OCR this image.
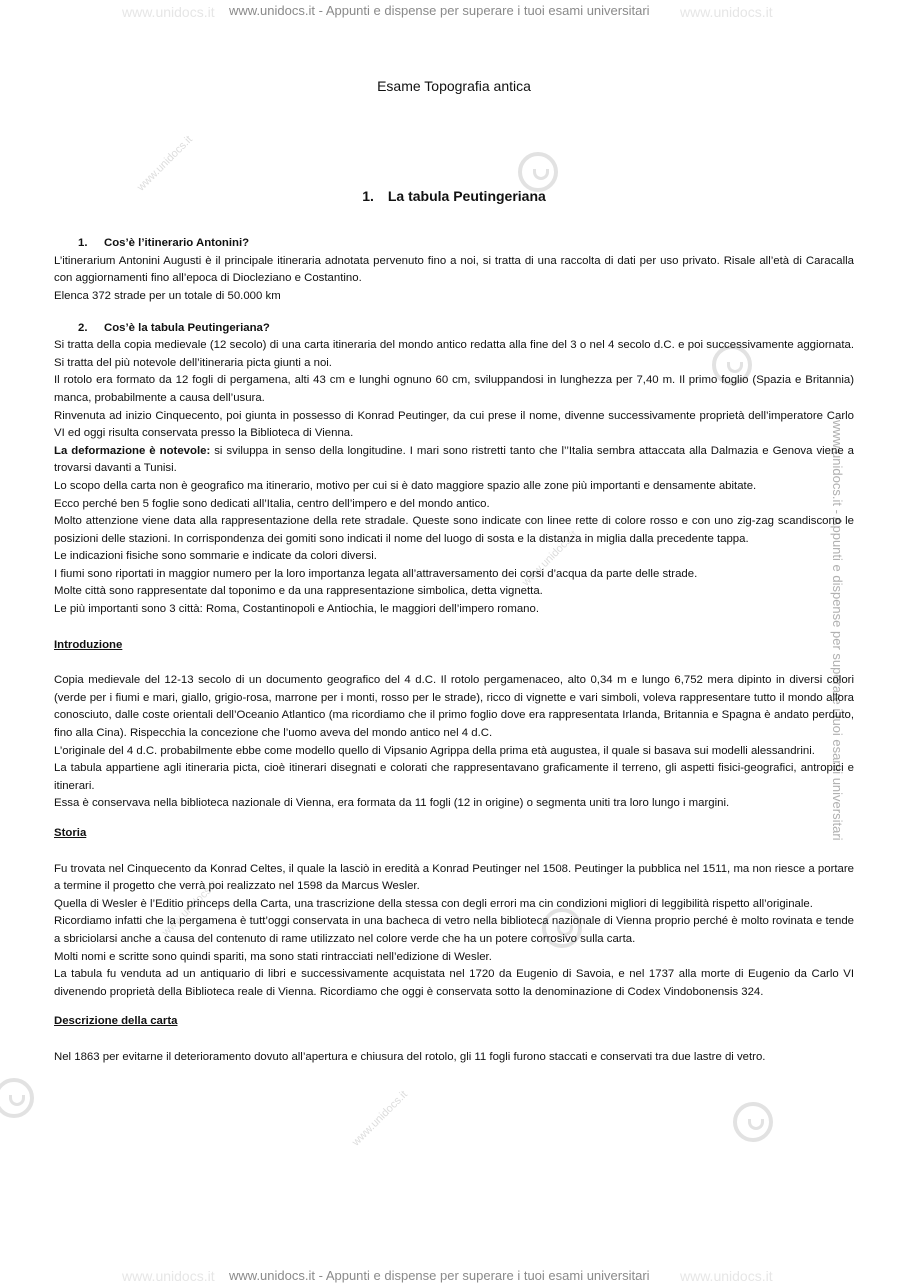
www.unidocs.it - Appunti e dispense per superare i tuoi esami universitari
www.unidocs.it - Appunti e dispense per superare i tuoi esami universitari
www.unidocs.it	www.unidocs.it
www.unidocs.it	www.unidocs.it
www.unidocs.it - Appunti e dispense per superare i tuoi esami universitari
www.unidocs.it
www.unidocs.it
www.unidocs.it
www.unidocs.it
Esame Topografia antica
1. La tabula Peutingeriana
1. Cos’è l’itinerario Antonini?

L’itinerarium Antonini Augusti è il principale itineraria adnotata pervenuto fino a noi, si tratta di una raccolta di dati per uso privato. Risale all’età di Caracalla con aggiornamenti fino all’epoca di Diocleziano e Costantino.

Elenca 372 strade per un totale di 50.000 km

2. Cos’è la tabula Peutingeriana?

Si tratta della copia medievale (12 secolo) di una carta itineraria del mondo antico redatta alla fine del 3 o nel 4 secolo d.C. e poi successivamente aggiornata. Si tratta del più notevole dell’itineraria picta giunti a noi.

Il rotolo era formato da 12 fogli di pergamena, alti 43 cm e lunghi ognuno 60 cm, sviluppandosi in lunghezza per 7,40 m. Il primo foglio (Spazia e Britannia) manca, probabilmente a causa dell’usura.

Rinvenuta ad inizio Cinquecento, poi giunta in possesso di Konrad Peutinger, da cui prese il nome, divenne successivamente proprietà dell’imperatore Carlo VI ed oggi risulta conservata presso la Biblioteca di Vienna.

La deformazione è notevole: si sviluppa in senso della longitudine. I mari sono ristretti tanto che l’’Italia sembra attaccata alla Dalmazia e Genova viene a trovarsi davanti a Tunisi.

Lo scopo della carta non è geografico ma itinerario, motivo per cui si è dato maggiore spazio alle zone più importanti e densamente abitate.

Ecco perché ben 5 foglie sono dedicati all’Italia, centro dell’impero e del mondo antico.

Molto attenzione viene data alla rappresentazione della rete stradale. Queste sono indicate con linee rette di colore rosso e con uno zig-zag scandiscono le posizioni delle stazioni. In corrispondenza dei gomiti sono indicati il nome del luogo di sosta e la distanza in miglia dalla precedente tappa.

Le indicazioni fisiche sono sommarie e indicate da colori diversi.

I fiumi sono riportati in maggior numero per la loro importanza legata all’attraversamento dei corsi d’acqua da parte delle strade.

Molte città sono rappresentate dal toponimo e da una rappresentazione simbolica, detta vignetta.

Le più importanti sono 3 città: Roma, Costantinopoli e Antiochia, le maggiori dell’impero romano.

Introduzione

Copia medievale del 12-13 secolo di un documento geografico del 4 d.C. Il rotolo pergamenaceo, alto 0,34 m e lungo 6,752 mera dipinto in diversi colori (verde per i fiumi e mari, giallo, grigio-rosa, marrone per i monti, rosso per le strade), ricco di vignette e vari simboli, voleva rappresentare tutto il mondo allora conosciuto, dalle coste orientali dell’Oceanio Atlantico (ma ricordiamo che il primo foglio dove era rappresentata Irlanda, Britannia e Spagna è andato perduto, fino alla Cina). Rispecchia la concezione che l’uomo aveva del mondo antico nel 4 d.C.

L’originale del 4 d.C. probabilmente ebbe come modello quello di Vipsanio Agrippa della prima età augustea, il quale si basava sui modelli alessandrini.

La tabula appartiene agli itineraria picta, cioè itinerari disegnati e colorati che rappresentavano graficamente il terreno, gli aspetti fisici-geografici, antropici e itinerari.

Essa è conservava nella biblioteca nazionale di Vienna, era formata da 11 fogli (12 in origine) o segmenta uniti tra loro lungo i margini.

Storia

Fu trovata nel Cinquecento da Konrad Celtes, il quale la lasciò in eredità a Konrad Peutinger nel 1508. Peutinger la pubblica nel 1511, ma non riesce a portare a termine il progetto che verrà poi realizzato nel 1598 da Marcus Wesler.

Quella di Wesler è l’Editio princeps della Carta, una trascrizione della stessa con degli errori ma cin condizioni migliori di leggibilità rispetto all’originale.

Ricordiamo infatti che la pergamena è tutt’oggi conservata in una bacheca di vetro nella biblioteca nazionale di Vienna proprio perché è molto rovinata e tende a sbriciolarsi anche a causa del contenuto di rame utilizzato nel colore verde che ha un potere corrosivo sulla carta.

Molti nomi e scritte sono quindi spariti, ma sono stati rintracciati nell’edizione di Wesler.

La tabula fu venduta ad un antiquario di libri e successivamente acquistata nel 1720 da Eugenio di Savoia, e nel 1737 alla morte di Eugenio da Carlo VI divenendo proprietà della Biblioteca reale di Vienna. Ricordiamo che oggi è conservata sotto la denominazione di Codex Vindobonensis 324.

Descrizione della carta

Nel 1863 per evitarne il deterioramento dovuto all’apertura e chiusura del rotolo, gli 11 fogli furono staccati e conservati tra due lastre di vetro.
